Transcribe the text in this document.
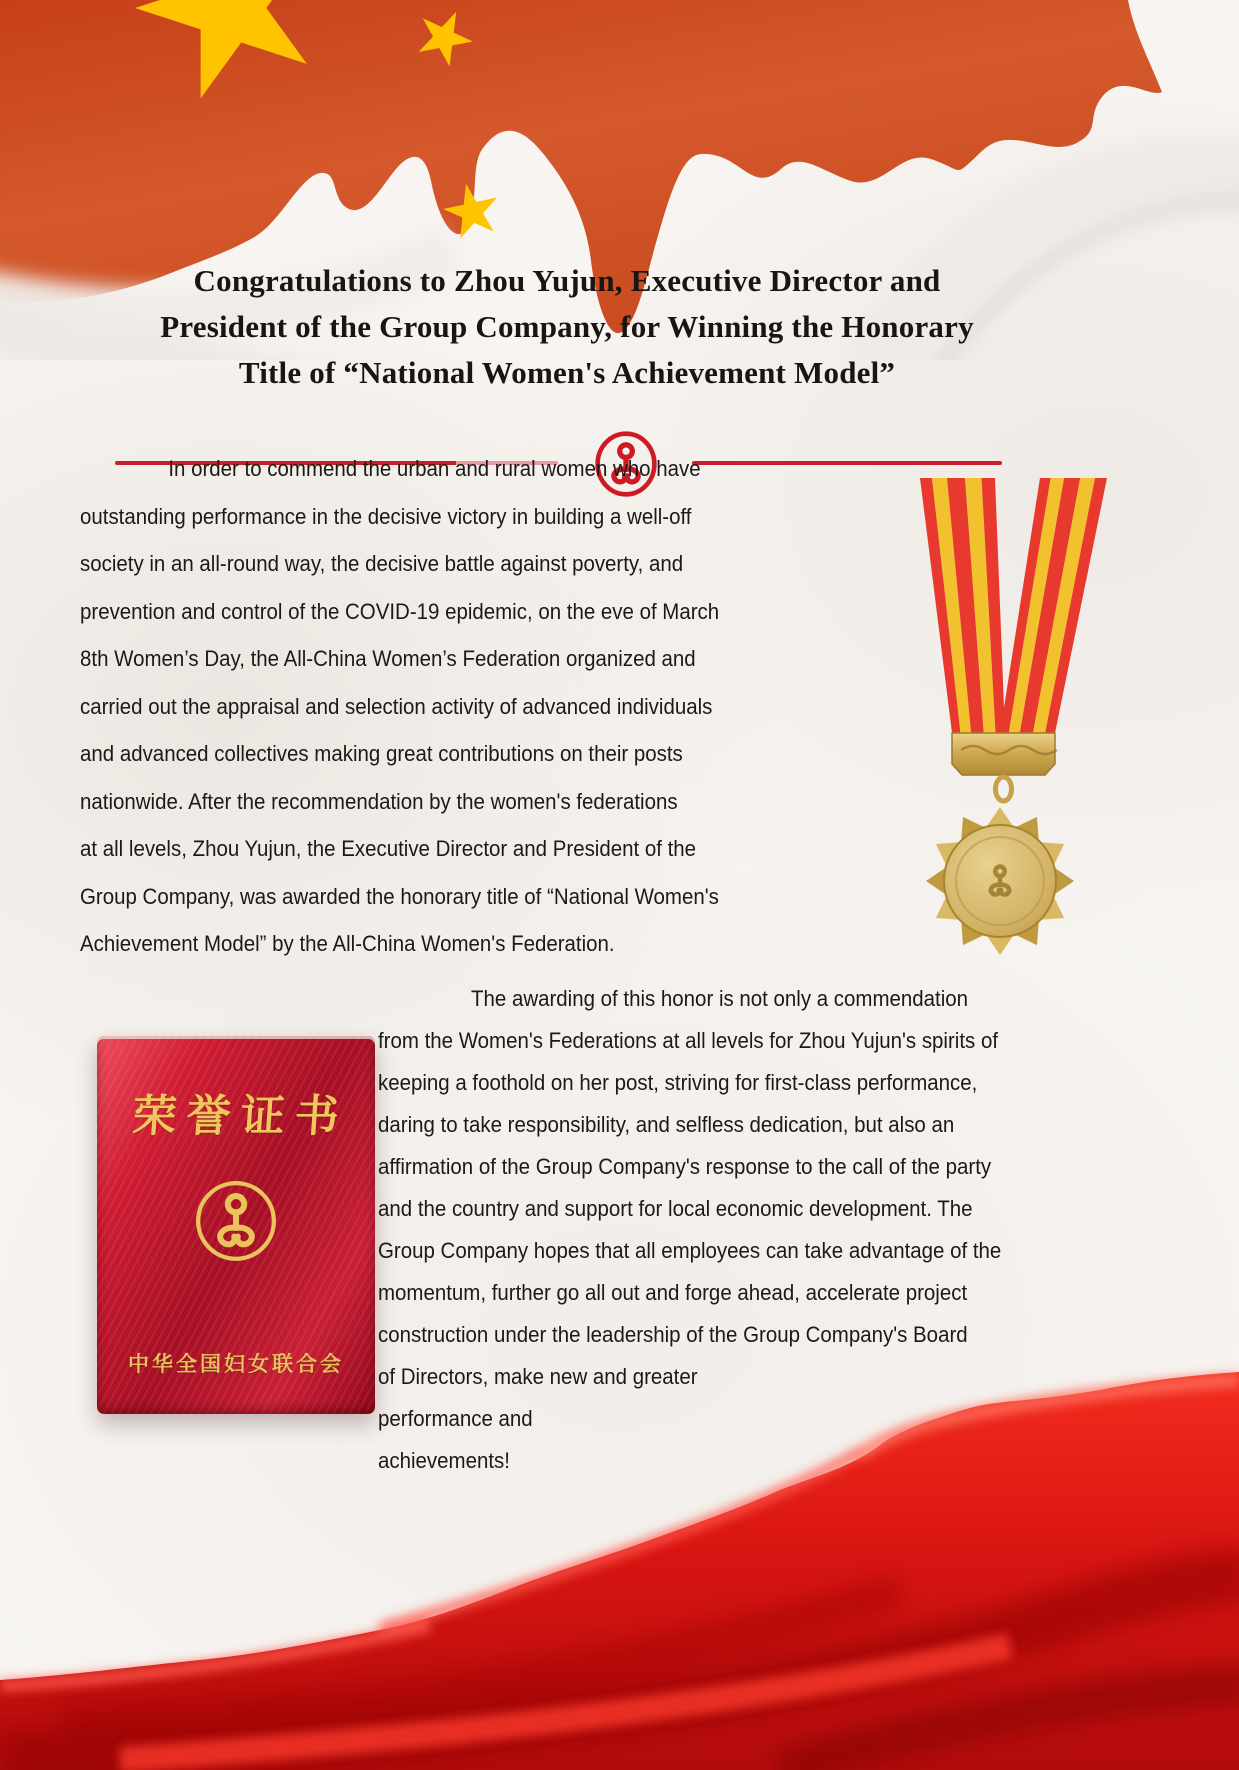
Congratulations to Zhou Yujun, Executive Director and
President of the Group Company, for Winning the Honorary
Title of “National Women's Achievement Model”
In order to commend the urban and rural women who have
outstanding performance in the decisive victory in building a well-off
society in an all-round way, the decisive battle against poverty, and
prevention and control of the COVID-19 epidemic, on the eve of March
8th Women’s Day, the All-China Women’s Federation organized and
carried out the appraisal and selection activity of advanced individuals
and advanced collectives making great contributions on their posts
nationwide. After the recommendation by the women's federations
at all levels, Zhou Yujun, the Executive Director and President of the
Group Company, was awarded the honorary title of “National Women's
Achievement Model” by the All-China Women's Federation.
The awarding of this honor is not only a commendation
from the Women's Federations at all levels for Zhou Yujun's spirits of
keeping a foothold on her post, striving for first-class performance,
daring to take responsibility, and selfless dedication, but also an
affirmation of the Group Company's response to the call of the party
and the country and support for local economic development. The
Group Company hopes that all employees can take advantage of the
momentum, further go all out and forge ahead, accelerate project
construction under the leadership of the Group Company's Board
of Directors, make new and greater
performance and
achievements!
荣誉证书
中华全国妇女联合会
